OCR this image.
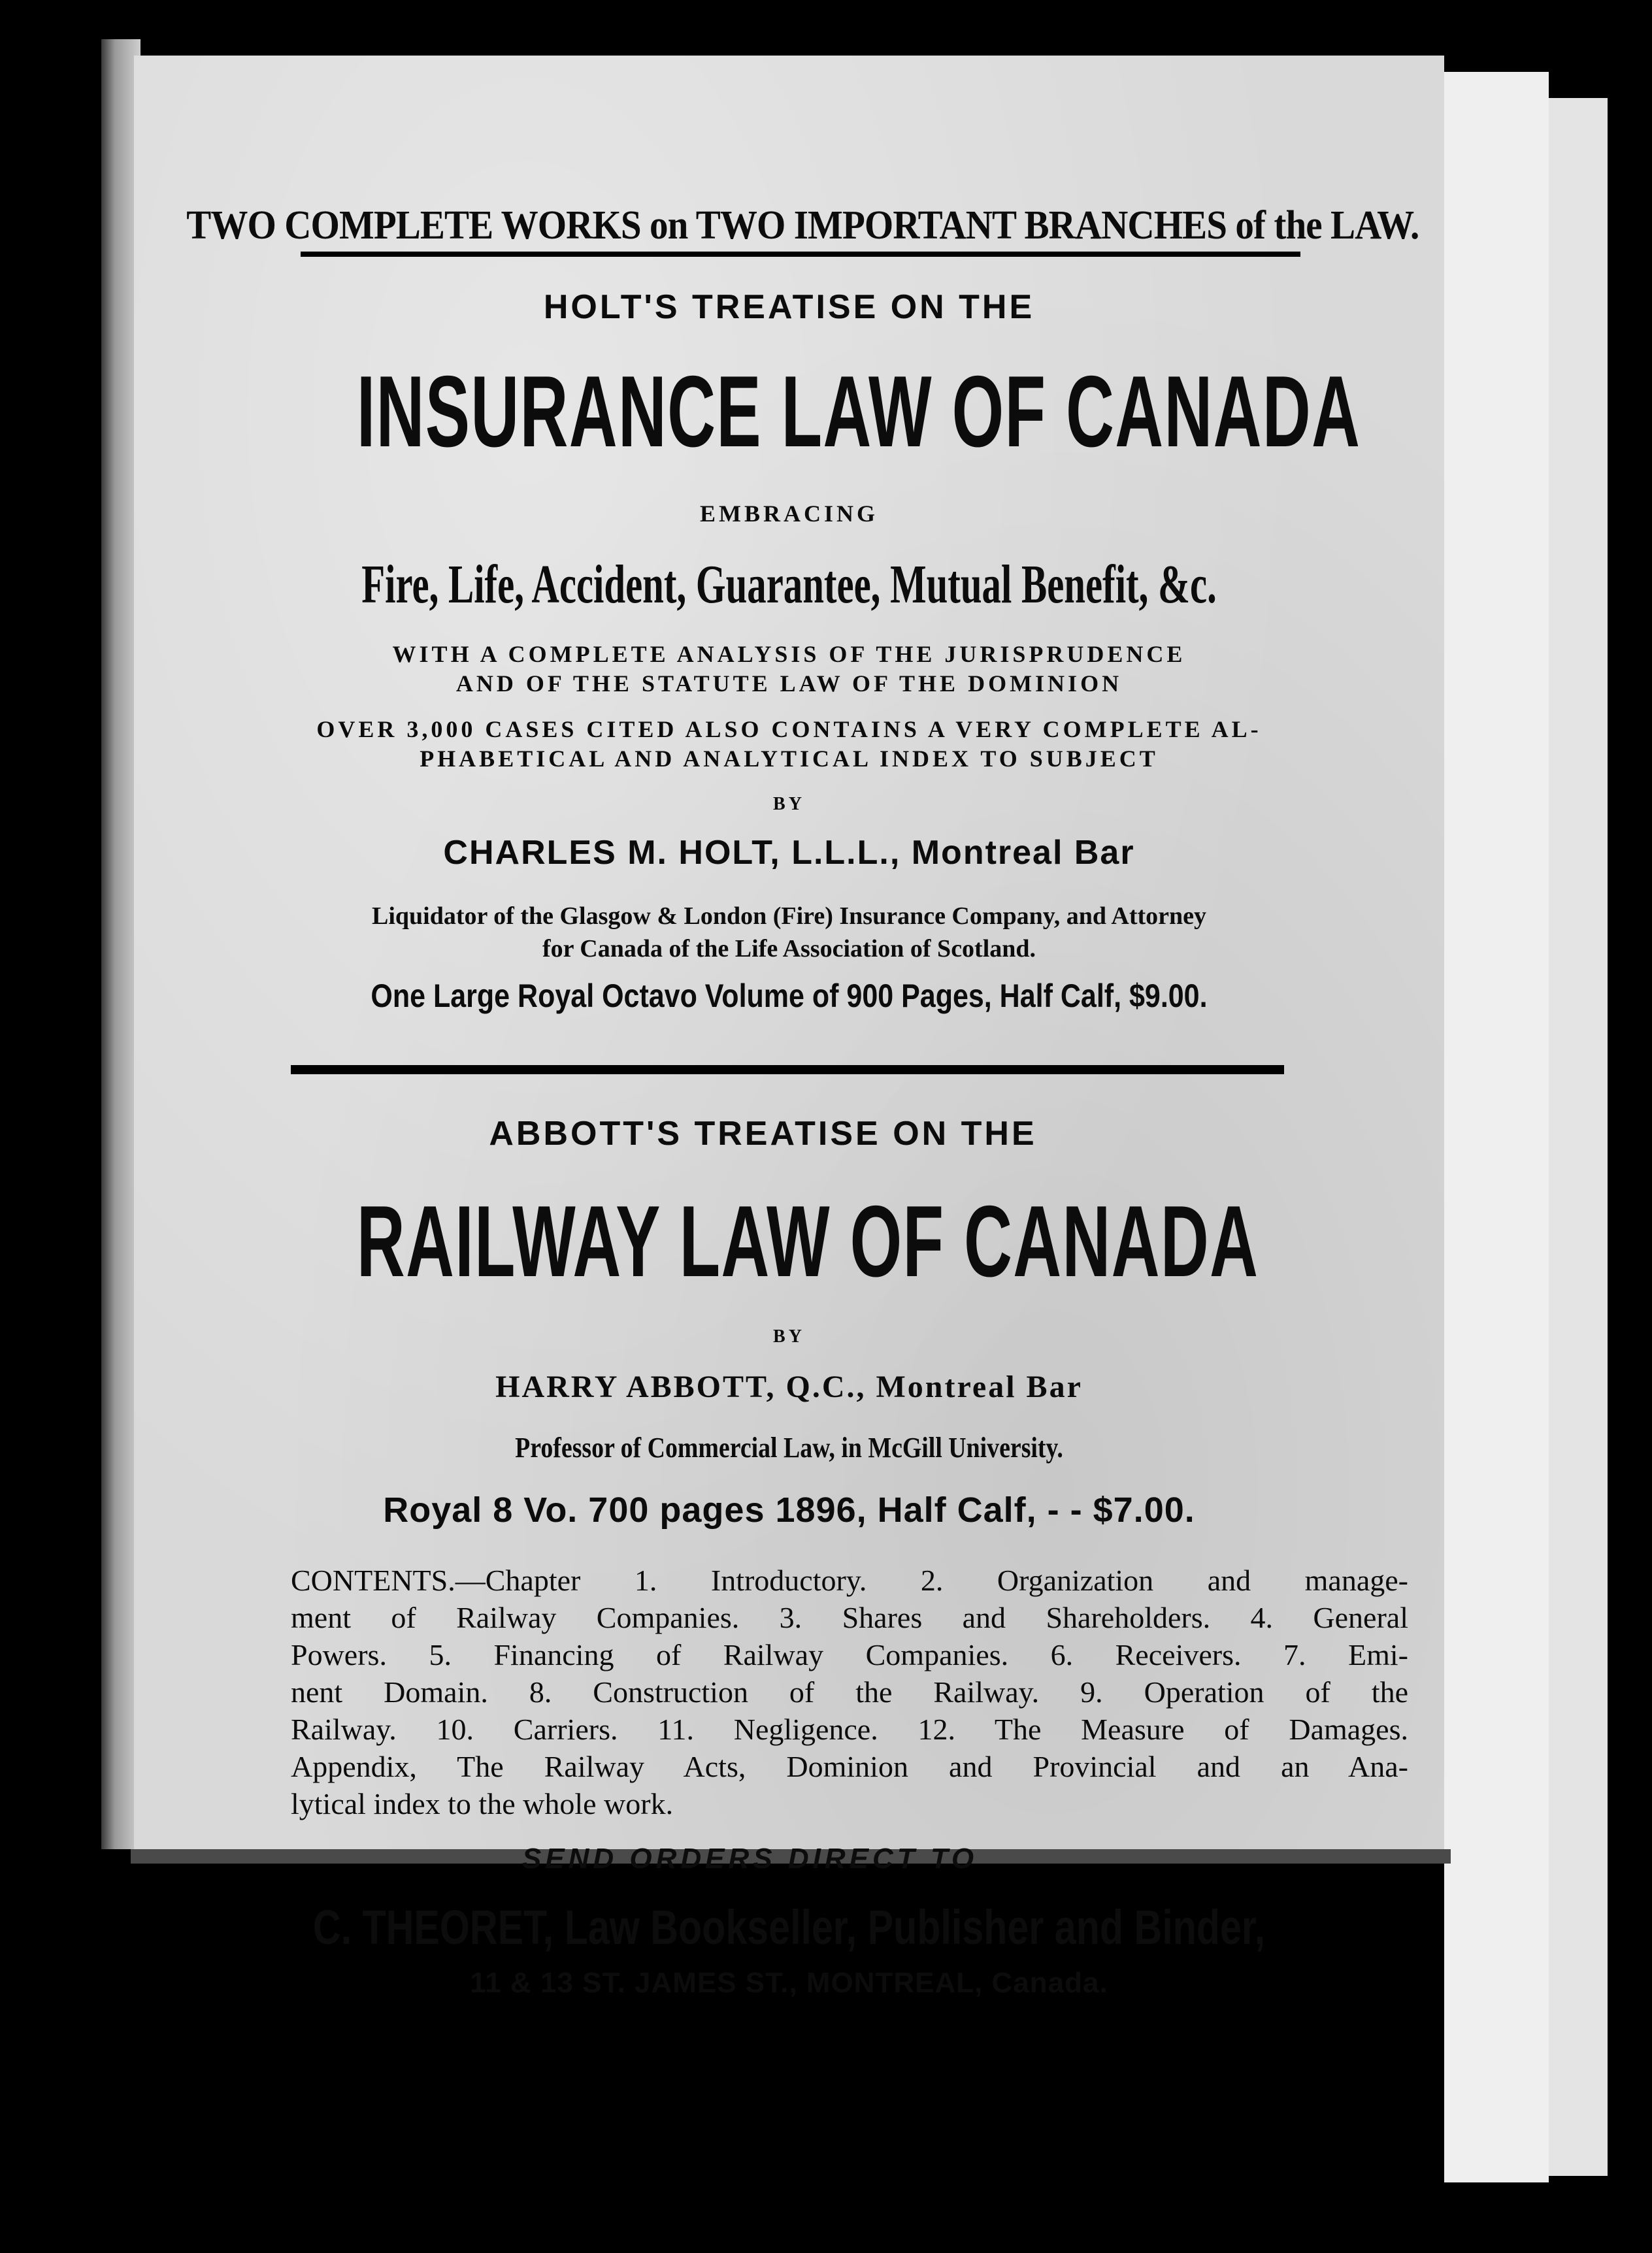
TWO COMPLETE WORKS on TWO IMPORTANT BRANCHES of the LAW.

HOLT'S TREATISE ON THE

INSURANCE LAW OF CANADA

EMBRACING

Fire, Life, Accident, Guarantee, Mutual Benefit, &c.

WITH A COMPLETE ANALYSIS OF THE JURISPRUDENCE

AND OF THE STATUTE LAW OF THE DOMINION

OVER 3,000 CASES CITED ALSO CONTAINS A VERY COMPLETE AL-

PHABETICAL AND ANALYTICAL INDEX TO SUBJECT

BY

CHARLES M. HOLT, L.L.L., Montreal Bar

Liquidator of the Glasgow & London (Fire) Insurance Company, and Attorney

for Canada of the Life Association of Scotland.

One Large Royal Octavo Volume of 900 Pages, Half Calf, $9.00.

ABBOTT'S TREATISE ON THE

RAILWAY LAW OF CANADA

BY

HARRY ABBOTT, Q.C., Montreal Bar

Professor of Commercial Law, in McGill University.

Royal 8 Vo. 700 pages 1896, Half Calf, - - $7.00.

CONTENTS.—Chapter 1. Introductory. 2. Organization and manage-
ment of Railway Companies. 3. Shares and Shareholders. 4. General
Powers. 5. Financing of Railway Companies. 6. Receivers. 7. Emi-
nent Domain. 8. Construction of the Railway. 9. Operation of the
Railway. 10. Carriers. 11. Negligence. 12. The Measure of Damages.
Appendix, The Railway Acts, Dominion and Provincial and an Ana-
lytical index to the whole work.

SEND ORDERS DIRECT TO

C. THEORET, Law Bookseller, Publisher and Binder,

11 & 13 ST. JAMES ST., MONTREAL, Canada.
